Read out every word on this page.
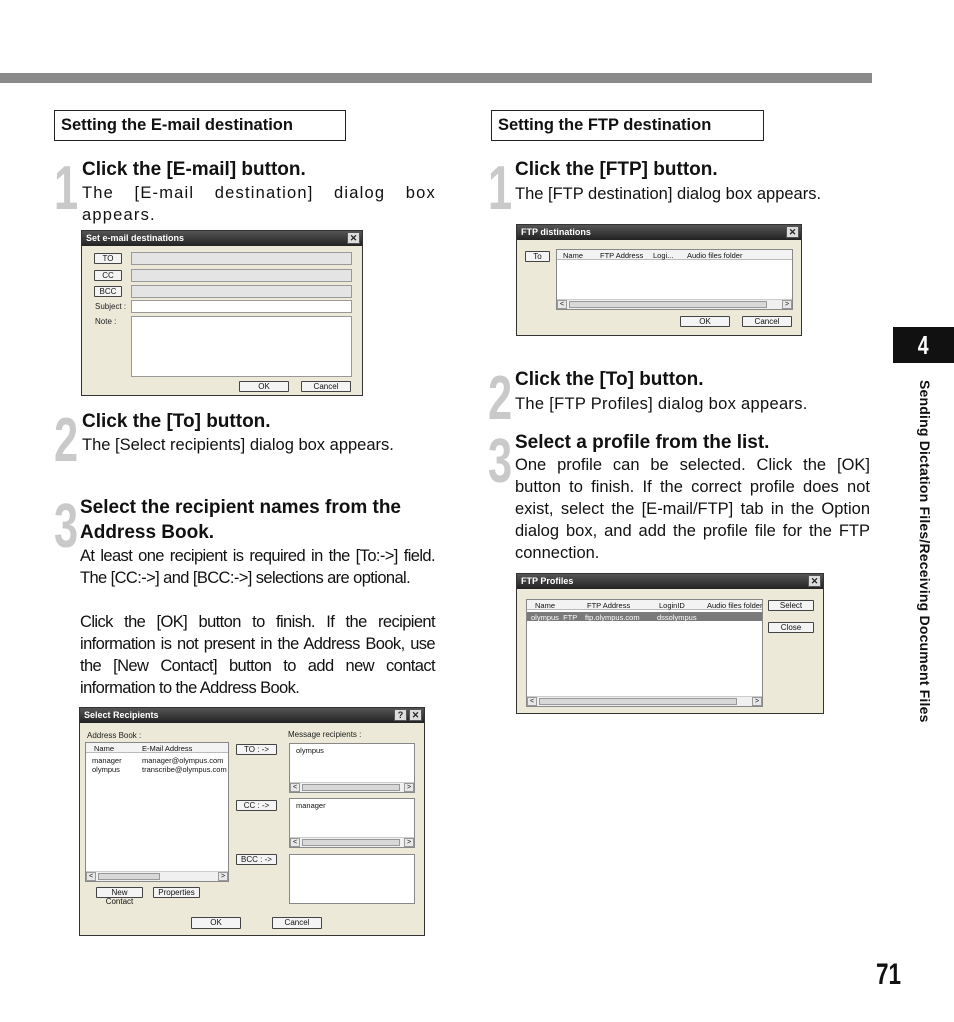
Setting the E-mail destination
1 Click the [E-mail] button.
The [E-mail destination] dialog box appears.
Set e-mail destinations	✕
TO
CC
BCC
Subject :
Note :
OK	Cancel
2 Click the [To] button.
The [Select recipients] dialog box appears.
3 Select the recipient names from the
Address Book.
At least one recipient is required in the [To:->] field. The [CC:->] and [BCC:->] selections are optional.
Click the [OK] button to finish. If the recipient information is not present in the Address Book, use the [New Contact] button to add new contact information to the Address Book.
Select Recipients	? ✕
Address Book :	Message recipients :
Name	E-Mail Address
manager	manager@olympus.com
olympus	transcribe@olympus.com
<	>
TO : ->	olympus
<	>
CC : ->	manager
<	>
BCC : ->
New Contact
Properties
OK	Cancel
Setting the FTP destination
1 Click the [FTP] button.
The [FTP destination] dialog box appears.
FTP distinations	✕
To	Name FTP Address Logi... Audio files folder
<	>
OK	Cancel
2 Click the [To] button.
The [FTP Profiles] dialog box appears.
3 Select a profile from the list.
One profile can be selected. Click the [OK] button to finish. If the correct profile does not exist, select the [E-mail/FTP] tab in the Option dialog box, and add the profile file for the FTP connection.
FTP Profiles	✕
Name	FTP Address	LoginID	Audio files folder
olympus_FTP ftp.olympus.com dssolympus
<	>
Select
Close
4
Sending Dictation Files/Receiving Document Files
71
